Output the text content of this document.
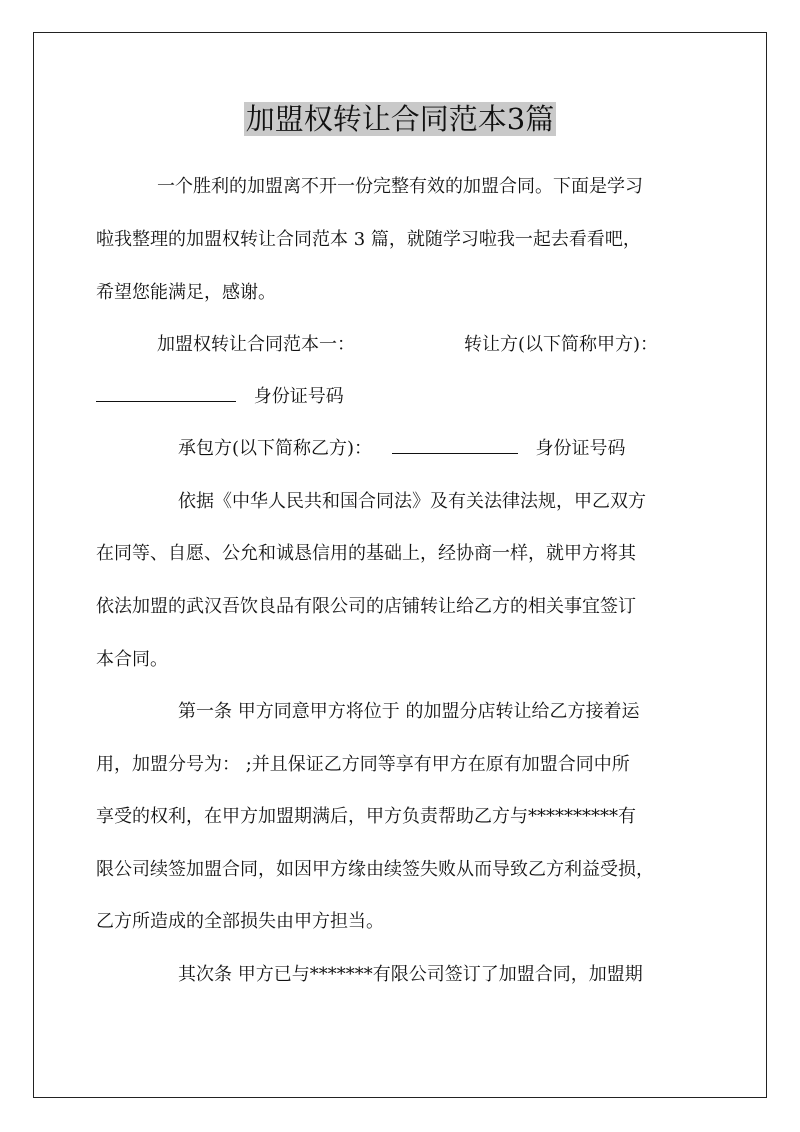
加盟权转让合同范本3篇
一个胜利的加盟离不开一份完整有效的加盟合同。下面是学习
啦我整理的加盟权转让合同范本 3 篇，就随学习啦我一起去看看吧，
希望您能满足，感谢。
加盟权转让合同范本一：	转让方(以下简称甲方)：
身份证号码
承包方(以下简称乙方)：	身份证号码
依据《中华人民共和国合同法》及有关法律法规，甲乙双方
在同等、自愿、公允和诚恳信用的基础上，经协商一样，就甲方将其
依法加盟的武汉吾饮良品有限公司的店铺转让给乙方的相关事宜签订
本合同。
第一条 甲方同意甲方将位于 的加盟分店转让给乙方接着运
用，加盟分号为： ;并且保证乙方同等享有甲方在原有加盟合同中所
享受的权利，在甲方加盟期满后，甲方负责帮助乙方与**********有
限公司续签加盟合同，如因甲方缘由续签失败从而导致乙方利益受损，
乙方所造成的全部损失由甲方担当。
其次条 甲方已与*******有限公司签订了加盟合同，加盟期
